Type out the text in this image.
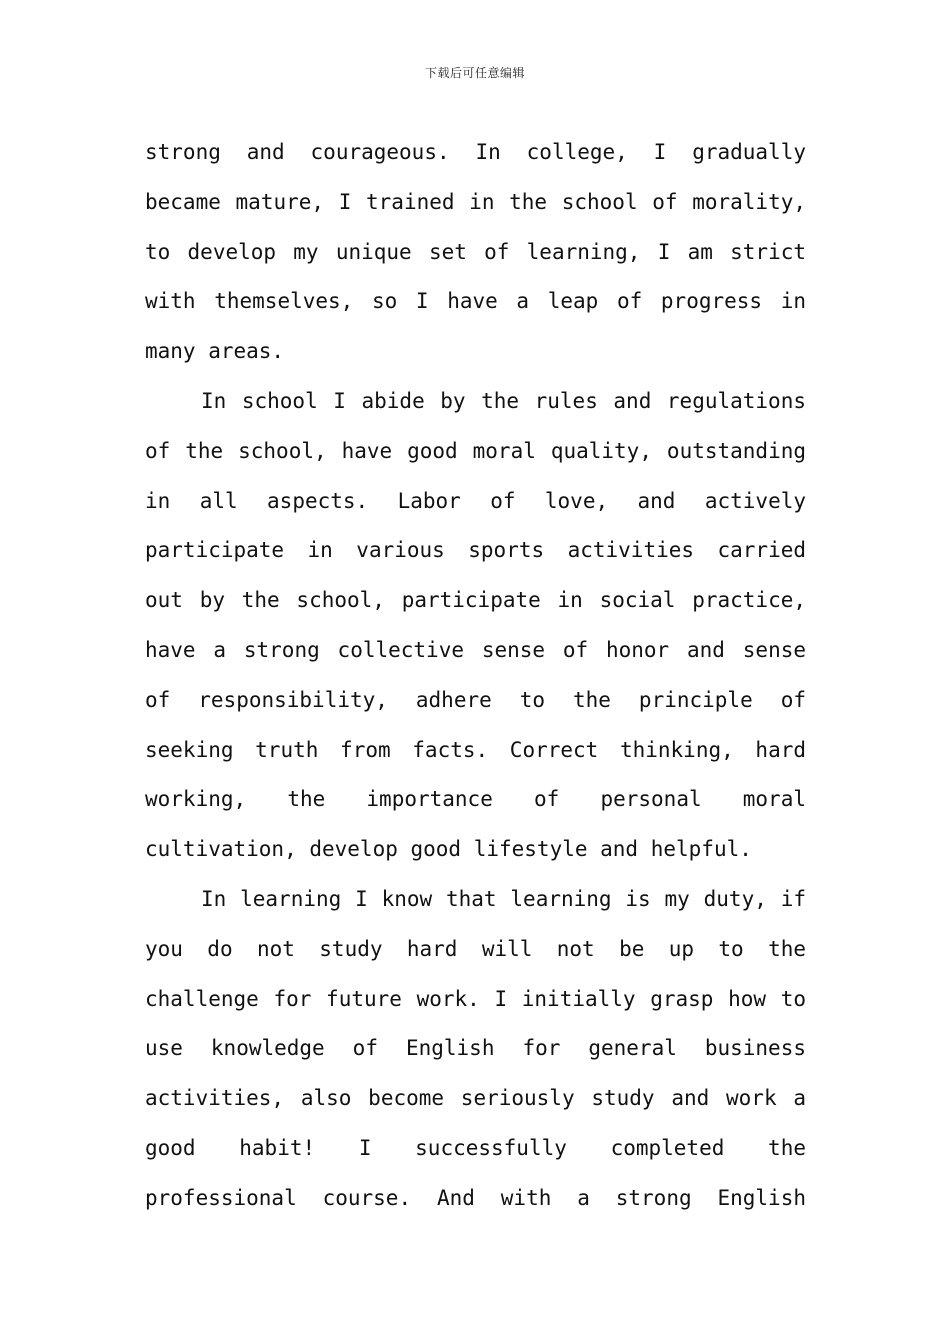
下载后可任意编辑
strong and courageous. In college, I gradually
became mature, I trained in the school of morality,
to develop my unique set of learning, I am strict
with themselves, so I have a leap of progress in
many areas.
In school I abide by the rules and regulations
of the school, have good moral quality, outstanding
in all aspects. Labor of love, and actively
participate in various sports activities carried
out by the school, participate in social practice,
have a strong collective sense of honor and sense
of responsibility, adhere to the principle of
seeking truth from facts. Correct thinking, hard
working, the importance of personal moral
cultivation, develop good lifestyle and helpful.
In learning I know that learning is my duty, if
you do not study hard will not be up to the
challenge for future work. I initially grasp how to
use knowledge of English for general business
activities, also become seriously study and work a
good habit! I successfully completed the
professional course. And with a strong English
